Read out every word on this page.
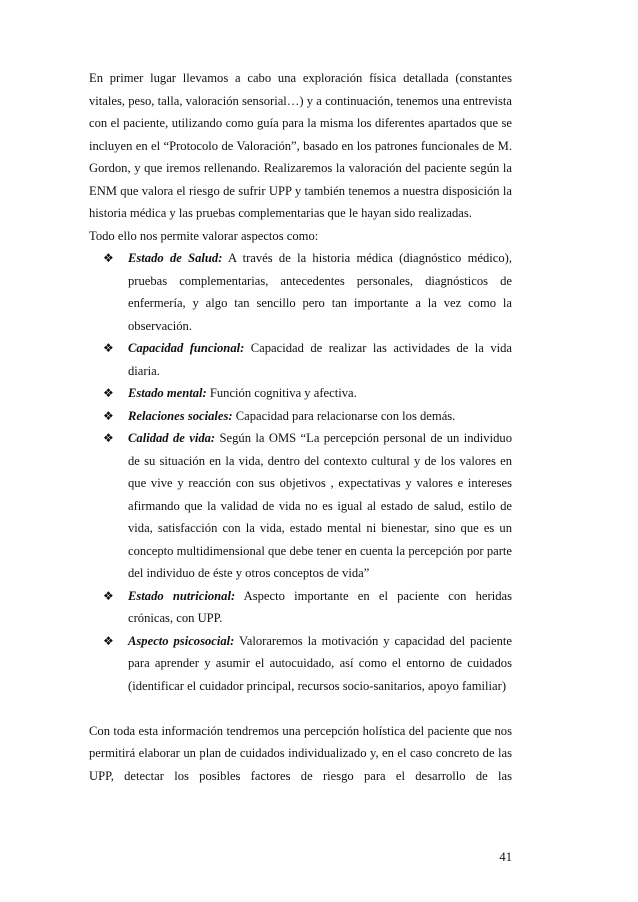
En primer lugar llevamos a cabo una exploración física detallada (constantes vitales, peso, talla, valoración sensorial…) y a continuación, tenemos una entrevista con el paciente, utilizando como guía para la misma los diferentes apartados que se incluyen en el “Protocolo de Valoración”, basado en los patrones funcionales de M. Gordon, y que iremos rellenando. Realizaremos la valoración del paciente según la ENM que valora el riesgo de sufrir UPP y también tenemos a nuestra disposición la historia médica y las pruebas complementarias que le hayan sido realizadas.

Todo ello nos permite valorar aspectos como:

❖	Estado de Salud: A través de la historia médica (diagnóstico médico), pruebas complementarias, antecedentes personales, diagnósticos de enfermería, y algo tan sencillo pero tan importante a la vez como la observación.
❖	Capacidad funcional: Capacidad de realizar las actividades de la vida diaria.
❖	Estado mental: Función cognitiva y afectiva.
❖	Relaciones sociales: Capacidad para relacionarse con los demás.
❖	Calidad de vida: Según la OMS “La percepción personal de un individuo de su situación en la vida, dentro del contexto cultural y de los valores en que vive y reacción con sus objetivos , expectativas y valores e intereses afirmando que la validad de vida no es igual al estado de salud, estilo de vida, satisfacción con la vida, estado mental ni bienestar, sino que es un concepto multidimensional que debe tener en cuenta la percepción por parte del individuo de éste y otros conceptos de vida”
❖	Estado nutricional: Aspecto importante en el paciente con heridas crónicas, con UPP.
❖	Aspecto psicosocial: Valoraremos la motivación y capacidad del paciente para aprender y asumir el autocuidado, así como el entorno de cuidados (identificar el cuidador principal, recursos socio-sanitarios, apoyo familiar)

Con toda esta información tendremos una percepción holística del paciente que nos permitirá elaborar un plan de cuidados individualizado y, en el caso concreto de las UPP, detectar los posibles factores de riesgo para el desarrollo de las

41
